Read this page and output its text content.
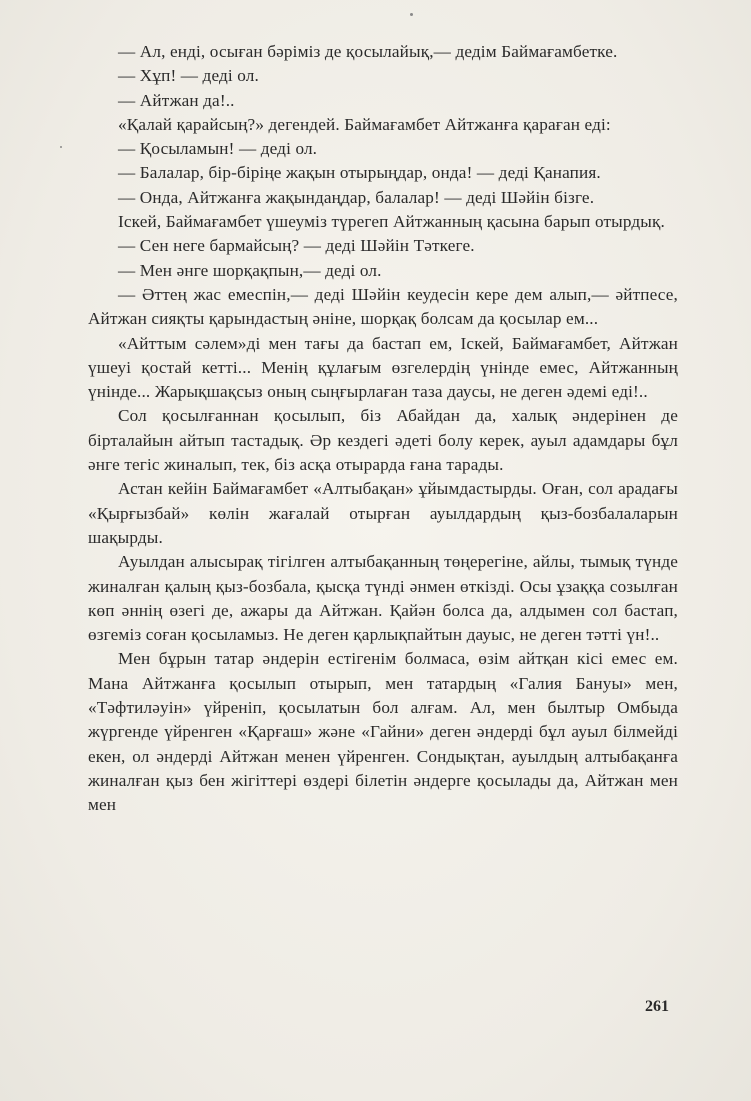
— Ал, енді, осыған бәріміз де қосылайық,— дедім Баймағамбетке.

— Хұп! — деді ол.

— Айтжан да!..

«Қалай қарайсың?» дегендей. Баймағамбет Айтжанға қараған еді:

— Қосыламын! — деді ол.

— Балалар, бір-біріңе жақын отырыңдар, онда! — деді Қанапия.

— Онда, Айтжанға жақындаңдар, балалар! — деді Шәйін бізге.

Іскей, Баймағамбет үшеуміз түрегеп Айтжанның қасына барып отырдық.

— Сен неге бармайсың? — деді Шәйін Тәткеге.

— Мен әнге шорқақпын,— деді ол.

— Әттең жас емеспін,— деді Шәйін кеудесін кере дем алып,— әйтпесе, Айтжан сияқты қарындастың әніне, шорқақ болсам да қосылар ем...

«Айттым сәлем»ді мен тағы да бастап ем, Іскей, Баймағамбет, Айтжан үшеуі қостай кетті... Менің құлағым өзгелердің үнінде емес, Айтжанның үнінде... Жарықшақсыз оның сыңғырлаған таза даусы, не деген әдемі еді!..

Сол қосылғаннан қосылып, біз Абайдан да, халық әндерінен де бірталайын айтып тастадық. Әр кездегі әдеті болу керек, ауыл адамдары бұл әнге тегіс жиналып, тек, біз асқа отырарда ғана тарады.

Астан кейін Баймағамбет «Алтыбақан» ұйымдастырды. Оған, сол арадағы «Қырғызбай» көлін жағалай отырған ауылдардың қыз-бозбалаларын шақырды.

Ауылдан алысырақ тігілген алтыбақанның төңерегіне, айлы, тымық түнде жиналған қалың қыз-бозбала, қысқа түнді әнмен өткізді. Осы ұзаққа созылған көп әннің өзегі де, ажары да Айтжан. Қайән болса да, алдымен сол бастап, өзгеміз соған қосыламыз. Не деген қарлықпайтын дауыс, не деген тәтті үн!..

Мен бұрын татар әндерін естігенім болмаса, өзім айтқан кісі емес ем. Мана Айтжанға қосылып отырып, мен татардың «Галия Бануы» мен, «Тәфтиләуін» үйреніп, қосылатын бол алғам. Ал, мен былтыр Омбыда жүргенде үйренген «Қарғаш» және «Гайни» деген әндерді бұл ауыл білмейді екен, ол әндерді Айтжан менен үйренген. Сондықтан, ауылдың алтыбақанға жиналған қыз бен жігіттері өздері білетін әндерге қосылады да, Айтжан мен мен

261
